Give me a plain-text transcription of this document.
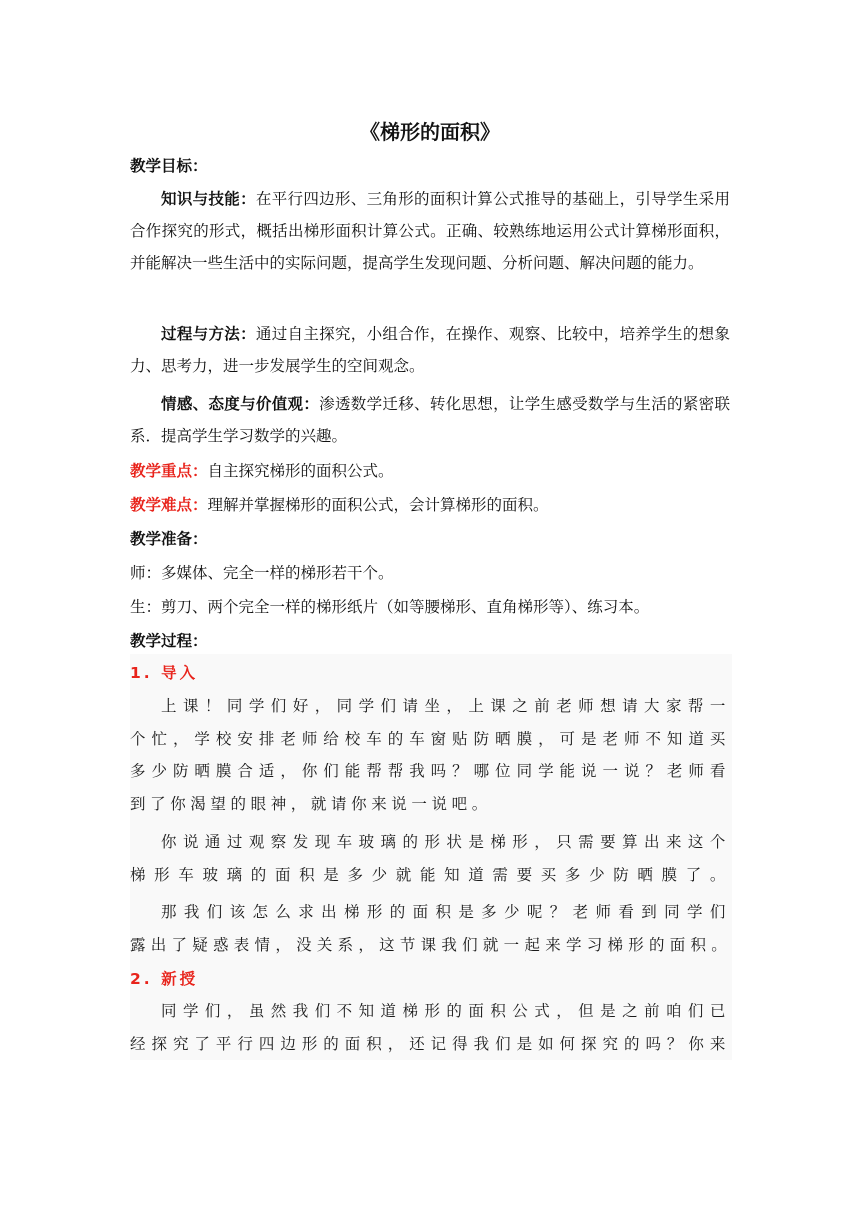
《梯形的面积》
教学目标：
知识与技能：在平行四边形、三角形的面积计算公式推导的基础上，引导学生采用合作探究的形式，概括出梯形面积计算公式。正确、较熟练地运用公式计算梯形面积，并能解决一些生活中的实际问题，提高学生发现问题、分析问题、解决问题的能力。
过程与方法：通过自主探究，小组合作，在操作、观察、比较中，培养学生的想象力、思考力，进一步发展学生的空间观念。
情感、态度与价值观：渗透数学迁移、转化思想，让学生感受数学与生活的紧密联系．提高学生学习数学的兴趣。
教学重点：自主探究梯形的面积公式。
教学难点：理解并掌握梯形的面积公式，会计算梯形的面积。
教学准备：
师：多媒体、完全一样的梯形若干个。
生：剪刀、两个完全一样的梯形纸片（如等腰梯形、直角梯形等）、练习本。
教学过程：
1. 导入
上课！同学们好，同学们请坐，上课之前老师想请大家帮一
个忙，学校安排老师给校车的车窗贴防晒膜，可是老师不知道买
多少防晒膜合适，你们能帮帮我吗？哪位同学能说一说？老师看
到了你渴望的眼神，就请你来说一说吧。
你说通过观察发现车玻璃的形状是梯形，只需要算出来这个
梯形车玻璃的面积是多少就能知道需要买多少防晒膜了。
那我们该怎么求出梯形的面积是多少呢？老师看到同学们
露出了疑惑表情，没关系，这节课我们就一起来学习梯形的面积。
2. 新授
同学们，虽然我们不知道梯形的面积公式，但是之前咱们已
经探究了平行四边形的面积，还记得我们是如何探究的吗？你来
